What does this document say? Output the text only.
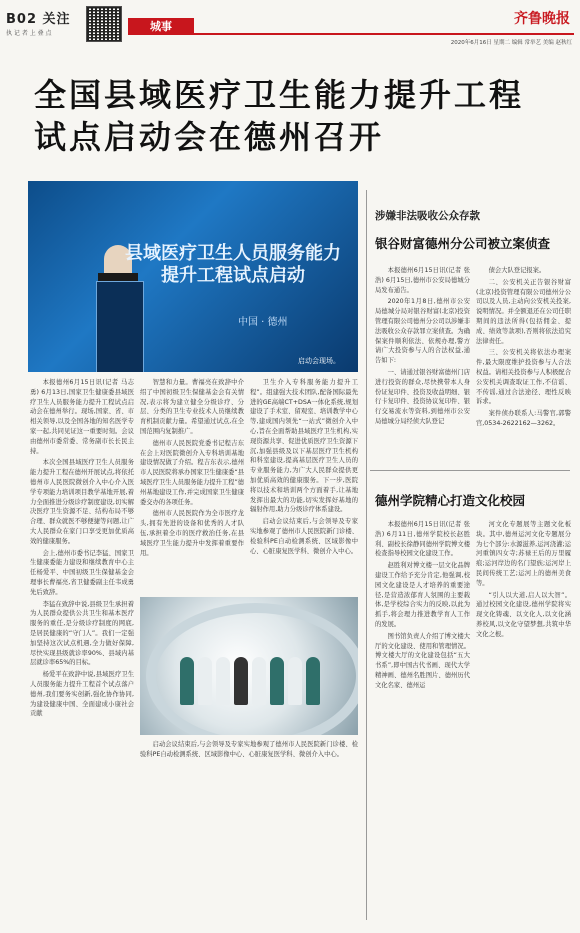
B02 关注
执 记 者 上 叠 点
城事	齐鲁晚报
2020年6月16日 星期二 编辑 常举艺 美编 赵秋红
全国县域医疗卫生能力提升工程试点启动会在德州召开
县域医疗卫生人员服务能力提升工程试点启动
中国 · 德州
启动会现场。

本报德州6月15日讯(记者 马志勇) 6月13日,国家卫生健康委县域医疗卫生人员服务能力提升工程试点启动会在德州举行。现场,国家、省、市相关领导,以及全国各地的知名医学专家一起,共同见证这一重要时刻。会议由德州市委常委、常务副市长长民主持。

本次全国县域医疗卫生人员服务能力提升工程在德州开展试点,将依托德州市人民医院微创介入中心介入医学专项能力培训项目教学基地开展,着力全面推进分级诊疗制度建设,切实解决医疗卫生资源不足、结构布局不够合理、群众就医不够便捷等问题,让广大人民群众在家门口享受更加优质高效的健康服务。

会上,德州市委书记李猛、国家卫生健康委能力建设和继续教育中心主任杨爱平、中国初级卫生保健基金会理事长曹福亮,省卫健委副主任韦成勇先后致辞。

李猛在致辞中说,县级卫生承担着为人民群众提供公共卫生和基本医疗服务的重任,是分级诊疗制度的网底,是居民健康的“守门人”。我们一定强加坚持这次试点机遇,全力做好保障,尽快实现县级就诊率90%、县域内基层就诊率65%的目标。

杨爱平在致辞中说,县域医疗卫生人员服务能力提升工程首个试点落户德州,我们要务实创新,强化协作协同,为建设健康中国、全面建成小康社会贡献

智慧和力量。曹福亮在致辞中介绍了中国初级卫生保健基金会有关情况,表示将为建立健全分级诊疗、分层、分类的卫生专业技术人员继续教育机制贡献力量。希望通过试点,在全国范围内复制推广。

德州市人民医院党委书记程吉东在会上对医院微创介入专科培训基地建设情况做了介绍。程吉东表示,德州市人民医院将承办国家卫生健康委“县域医疗卫生人员服务能力提升工程”德州基地建设工作,并完成国家卫生健康委交办的各项任务。

德州市人民医院作为全市医疗龙头,拥有先进的设备和优秀的人才队伍,承担着全市的医疗救治任务,在县域医疗卫生能力提升中发挥着重要作用。

卫生介入专科服务能力提升工程”。组建强大技术团队,配备国际最先进的GE高端CT+DSA一体化系统,规划建设了手术室、留观室、培训教学中心等,建成国内领先“一站式”微创介入中心,旨在全面帮助县域医疗卫生机构,实现资源共享、促进优质医疗卫生资源下沉,加强县级及以下基层医疗卫生机构和科室建设,提高基层医疗卫生人员的专业服务能力,为广大人民群众提供更加优质高效的健康服务。下一步,医院将以技术和培训两个方面着手,让基地发挥出最大的功能,切实发挥好基地的辐射作用,助力分级诊疗体系建设。

启动会议结束后,与会领导及专家实地参观了德州市人民医院新门诊楼、检验科PE自动检测系统、区域影像中心、心脏康复医学科、微创介入中心。

启动会议结束后,与会领导及专家实地参观了德州市人民医院新门诊楼、检验科PE自动检测系统、区域影像中心、心脏康复医学科、微创介入中心。

涉嫌非法吸收公众存款
银谷财富德州分公司被立案侦查

本报德州6月15日讯(记者 张浩) 6月15日,德州市公安局德城分局发布通告。

2020年1月8日,德州市公安局德城分局对银谷财富(北京)投资管理有限公司德州分公司以涉嫌非法吸收公众存款罪立案侦查。为确保案件顺利依法、依规办理,警方请广大投资参与人的合法权益,通告如下:

一、请通过银谷财富德州门店进行投资的群众,尽快携带本人身份证复印件、投资及收益明细、银行卡复印件、投资协议复印件、银行交易流水等资料,到德州市公安局德城分局经侦大队登记

债会大队登记报案。

二、公安机关正告银谷财富(北京)投资管理有限公司德州分公司以及人员,主动向公安机关投案,说明情况。并全额退还在公司任职期间的违法所得(包括佣金、提成、绩效等款项),否则将依法追究法律责任。

三、公安机关将依法办理案件,最大限度维护投资参与人合法权益。请相关投资参与人积极配合公安机关调查取证工作,不信谣、不传谣,通过合法途径、理性反映诉求。

案件侦办联系人:马警官,郭警官,0534-2622162—3262。

德州学院精心打造文化校园

本报德州6月15日讯(记者 张浩) 6月11日,德州学院校长赵胜利、副校长徐静同德州学院博文楼检查指导校园文化建设工作。

赵胜利对博文楼一层文化品牌建设工作给予充分肯定,他强调,校园文化建设是人才培养的重要途径,是营造浓郁育人氛围的主要载体,是学校综合实力的反映,以此为抓手,将会理力推进教学育人工作的发展。

图书馆负责人介绍了博文楼大厅的文化建设、使用和管理情况。博文楼大厅的文化建设包括“五大书系”,即中国古代书画、现代大学精神画、德州名胜图片、德州历代文化名家、德州运

河文化专题展等主题文化板块。其中,德州运河文化专题展分为七个部分:水源滋养,运河浇灌;运河重镇四女寺;苏禄王后的万里履痕;运河岸边的名门望族;运河岸上民间传统工艺;运河上的德州美食等。

“引人以大道,启人以大智”。通过校园文化建设,德州学院将实现文化铸魂、以文化人,以文化涵养校风,以文化守望梦想,共筑中华文化之根。
